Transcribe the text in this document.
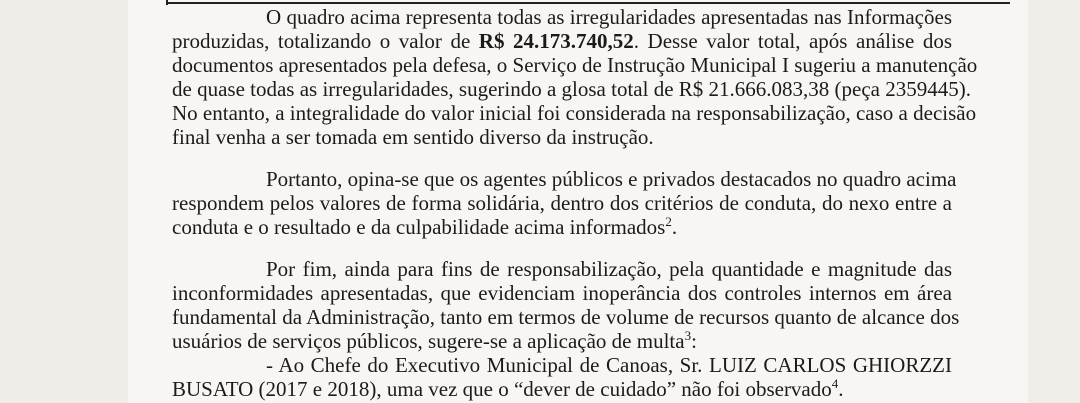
O quadro acima representa todas as irregularidades apresentadas nas Informações
produzidas, totalizando o valor de R$ 24.173.740,52. Desse valor total, após análise dos
documentos apresentados pela defesa, o Serviço de Instrução Municipal I sugeriu a manutenção
de quase todas as irregularidades, sugerindo a glosa total de R$ 21.666.083,38 (peça 2359445).
No entanto, a integralidade do valor inicial foi considerada na responsabilização, caso a decisão
final venha a ser tomada em sentido diverso da instrução.
Portanto, opina-se que os agentes públicos e privados destacados no quadro acima
respondem pelos valores de forma solidária, dentro dos critérios de conduta, do nexo entre a
conduta e o resultado e da culpabilidade acima informados$^2$.
Por fim, ainda para fins de responsabilização, pela quantidade e magnitude das
inconformidades apresentadas, que evidenciam inoperância dos controles internos em área
fundamental da Administração, tanto em termos de volume de recursos quanto de alcance dos
usuários de serviços públicos, sugere-se a aplicação de multa$^3$:
- Ao Chefe do Executivo Municipal de Canoas, Sr. LUIZ CARLOS GHIORZZI
BUSATO (2017 e 2018), uma vez que o “dever de cuidado” não foi observado$^4$.
